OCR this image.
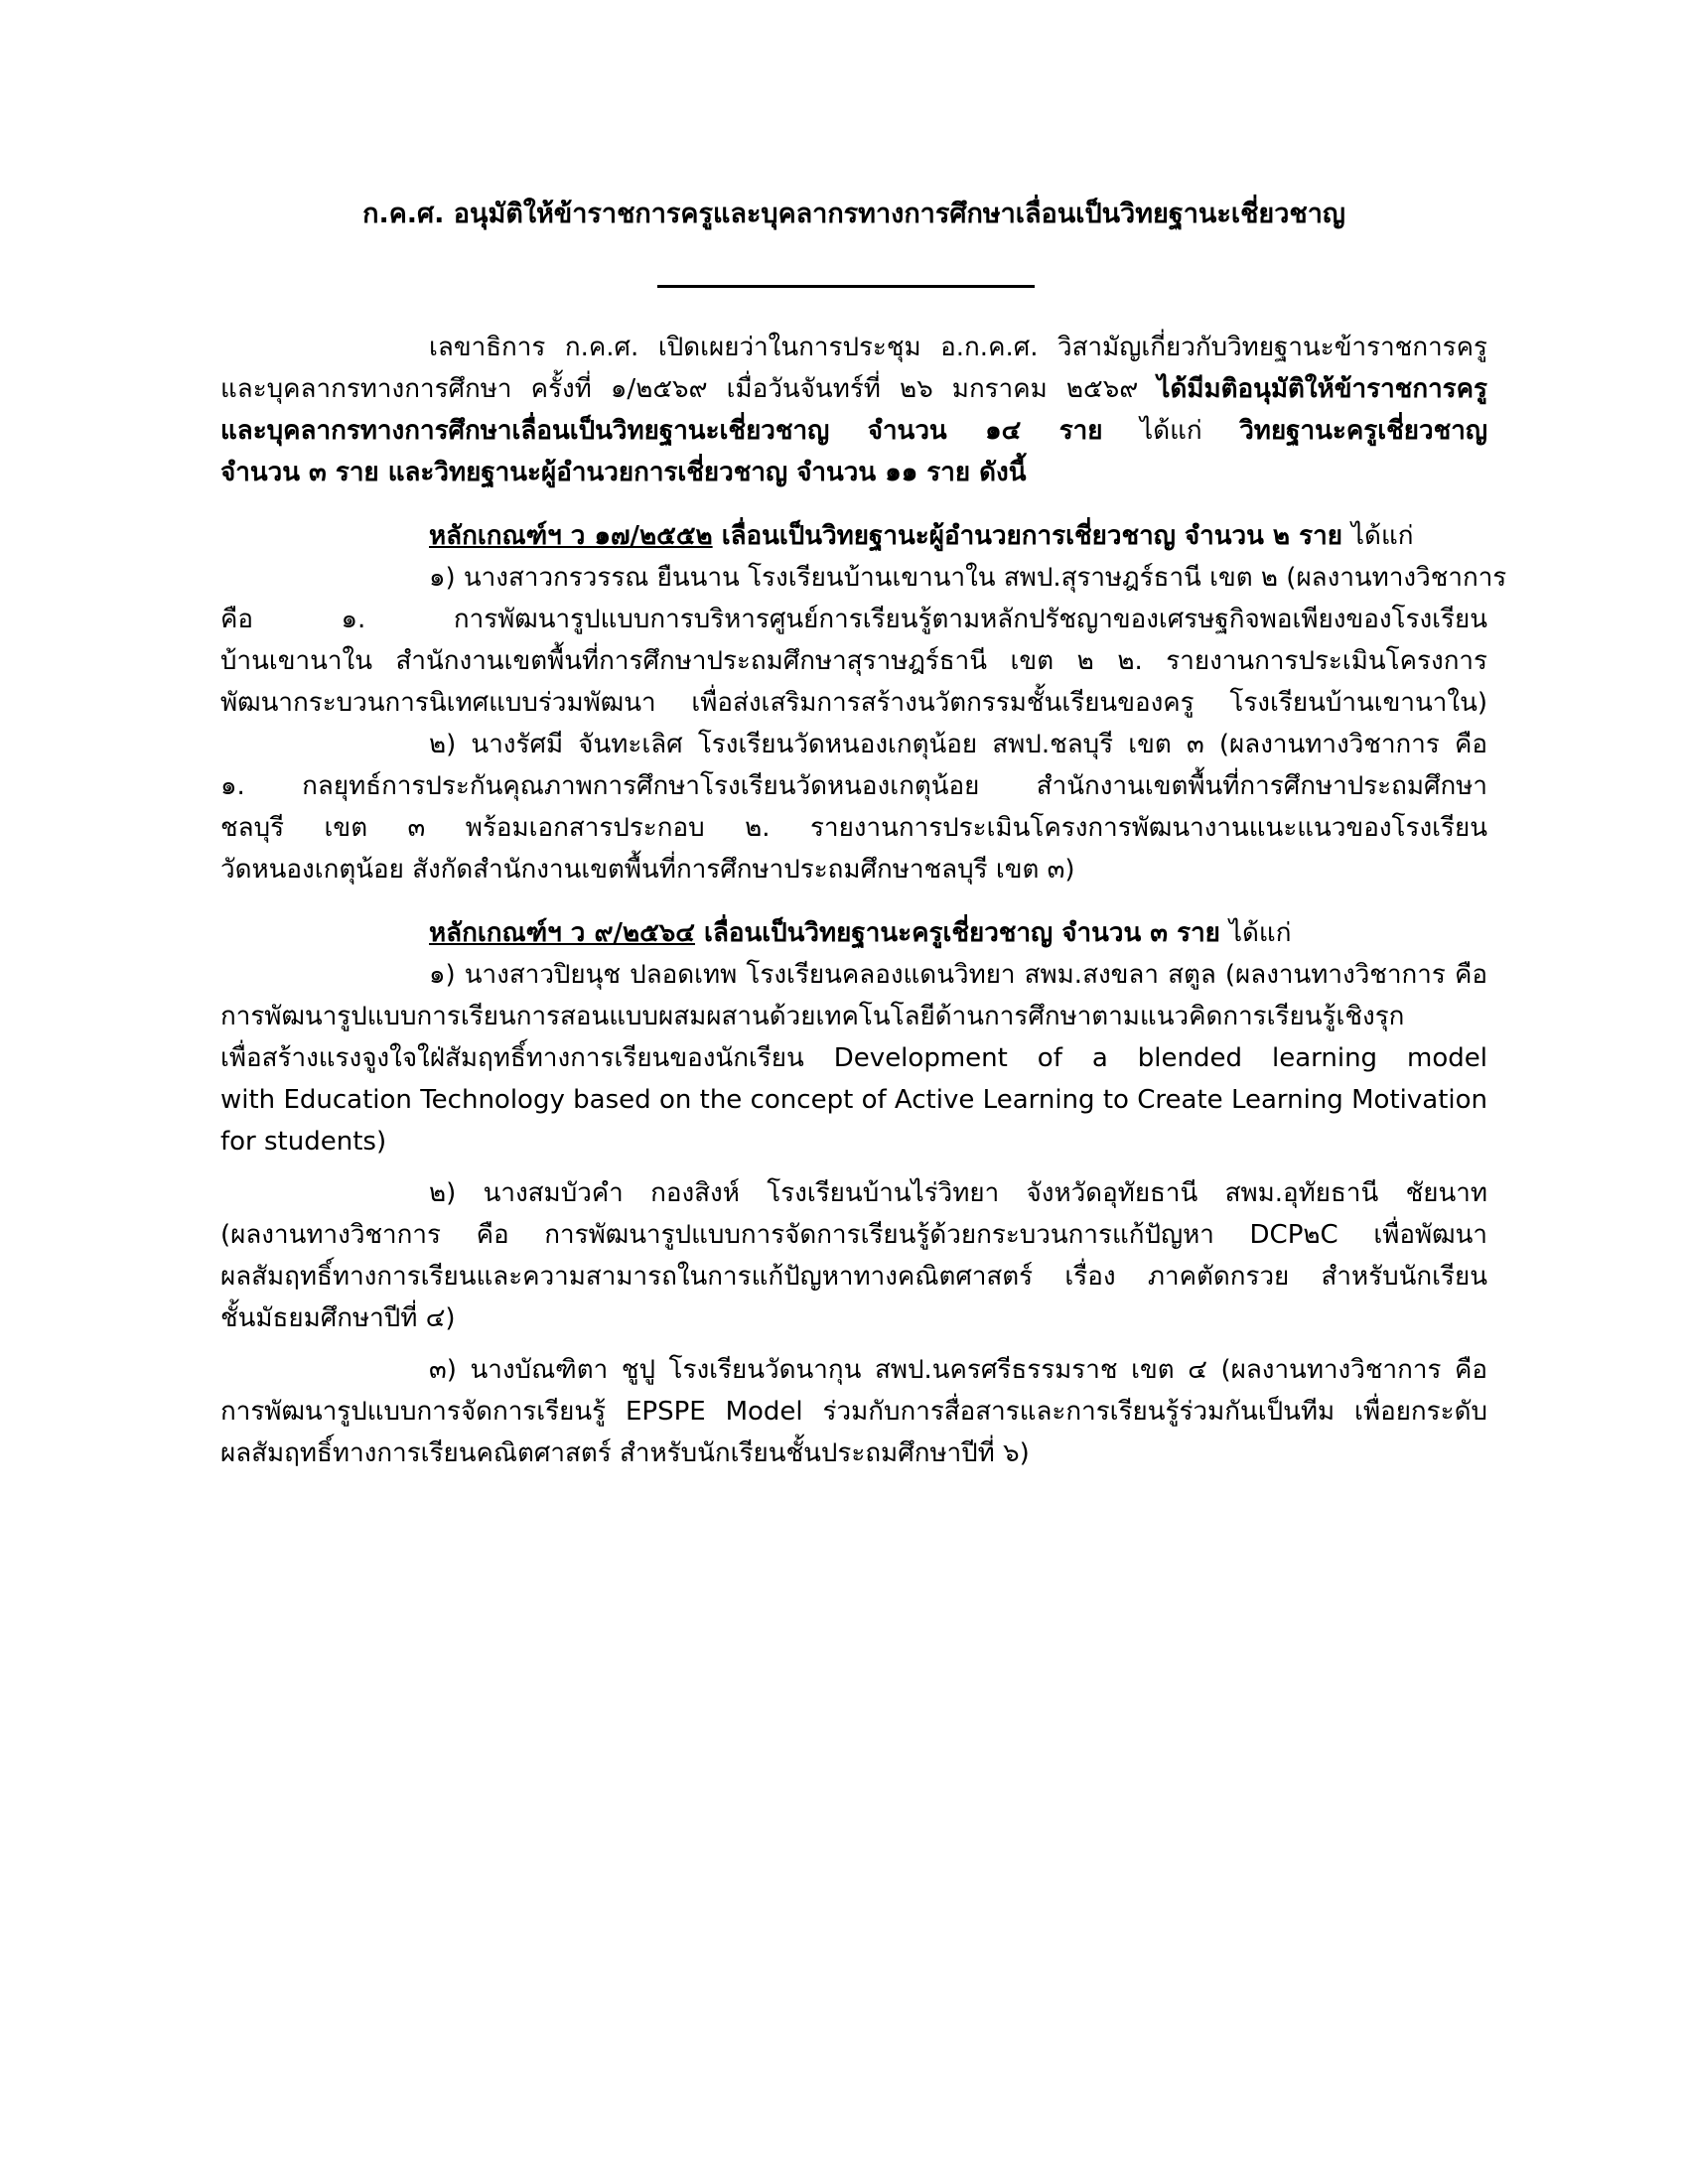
ก.ค.ศ. อนุมัติให้ข้าราชการครูและบุคลากรทางการศึกษาเลื่อนเป็นวิทยฐานะเชี่ยวชาญ
เลขาธิการ ก.ค.ศ. เปิดเผยว่าในการประชุม อ.ก.ค.ศ. วิสามัญเกี่ยวกับวิทยฐานะข้าราชการครู
และบุคลากรทางการศึกษา ครั้งที่ ๑/๒๕๖๙ เมื่อวันจันทร์ที่ ๒๖ มกราคม ๒๕๖๙ ได้มีมติอนุมัติให้ข้าราชการครู
และบุคลากรทางการศึกษาเลื่อนเป็นวิทยฐานะเชี่ยวชาญ จำนวน ๑๔ ราย ได้แก่ วิทยฐานะครูเชี่ยวชาญ
จำนวน ๓ ราย และวิทยฐานะผู้อำนวยการเชี่ยวชาญ จำนวน ๑๑ ราย ดังนี้
หลักเกณฑ์ฯ ว ๑๗/๒๕๕๒ เลื่อนเป็นวิทยฐานะผู้อำนวยการเชี่ยวชาญ จำนวน ๒ ราย ได้แก่
๑) นางสาวกรวรรณ ยืนนาน โรงเรียนบ้านเขานาใน สพป.สุราษฎร์ธานี เขต ๒ (ผลงานทางวิชาการ
คือ ๑. การพัฒนารูปแบบการบริหารศูนย์การเรียนรู้ตามหลักปรัชญาของเศรษฐกิจพอเพียงของโรงเรียน
บ้านเขานาใน สำนักงานเขตพื้นที่การศึกษาประถมศึกษาสุราษฎร์ธานี เขต ๒ ๒. รายงานการประเมินโครงการ
พัฒนากระบวนการนิเทศแบบร่วมพัฒนา เพื่อส่งเสริมการสร้างนวัตกรรมชั้นเรียนของครู โรงเรียนบ้านเขานาใน)
๒) นางรัศมี จันทะเลิศ โรงเรียนวัดหนองเกตุน้อย สพป.ชลบุรี เขต ๓ (ผลงานทางวิชาการ คือ
๑. กลยุทธ์การประกันคุณภาพการศึกษาโรงเรียนวัดหนองเกตุน้อย สำนักงานเขตพื้นที่การศึกษาประถมศึกษา
ชลบุรี เขต ๓ พร้อมเอกสารประกอบ ๒. รายงานการประเมินโครงการพัฒนางานแนะแนวของโรงเรียน
วัดหนองเกตุน้อย สังกัดสำนักงานเขตพื้นที่การศึกษาประถมศึกษาชลบุรี เขต ๓)
หลักเกณฑ์ฯ ว ๙/๒๕๖๔ เลื่อนเป็นวิทยฐานะครูเชี่ยวชาญ จำนวน ๓ ราย ได้แก่
๑) นางสาวปิยนุช ปลอดเทพ โรงเรียนคลองแดนวิทยา สพม.สงขลา สตูล (ผลงานทางวิชาการ คือ
การพัฒนารูปแบบการเรียนการสอนแบบผสมผสานด้วยเทคโนโลยีด้านการศึกษาตามแนวคิดการเรียนรู้เชิงรุก
เพื่อสร้างแรงจูงใจใฝ่สัมฤทธิ์ทางการเรียนของนักเรียน Development of a blended learning model
with Education Technology based on the concept of Active Learning to Create Learning Motivation
for students)
๒) นางสมบัวคำ กองสิงห์ โรงเรียนบ้านไร่วิทยา จังหวัดอุทัยธานี สพม.อุทัยธานี ชัยนาท
(ผลงานทางวิชาการ คือ การพัฒนารูปแบบการจัดการเรียนรู้ด้วยกระบวนการแก้ปัญหา DCP๒C เพื่อพัฒนา
ผลสัมฤทธิ์ทางการเรียนและความสามารถในการแก้ปัญหาทางคณิตศาสตร์ เรื่อง ภาคตัดกรวย สำหรับนักเรียน
ชั้นมัธยมศึกษาปีที่ ๔)
๓) นางบัณฑิตา ชูปู โรงเรียนวัดนากุน สพป.นครศรีธรรมราช เขต ๔ (ผลงานทางวิชาการ คือ
การพัฒนารูปแบบการจัดการเรียนรู้ EPSPE Model ร่วมกับการสื่อสารและการเรียนรู้ร่วมกันเป็นทีม เพื่อยกระดับ
ผลสัมฤทธิ์ทางการเรียนคณิตศาสตร์ สำหรับนักเรียนชั้นประถมศึกษาปีที่ ๖)
